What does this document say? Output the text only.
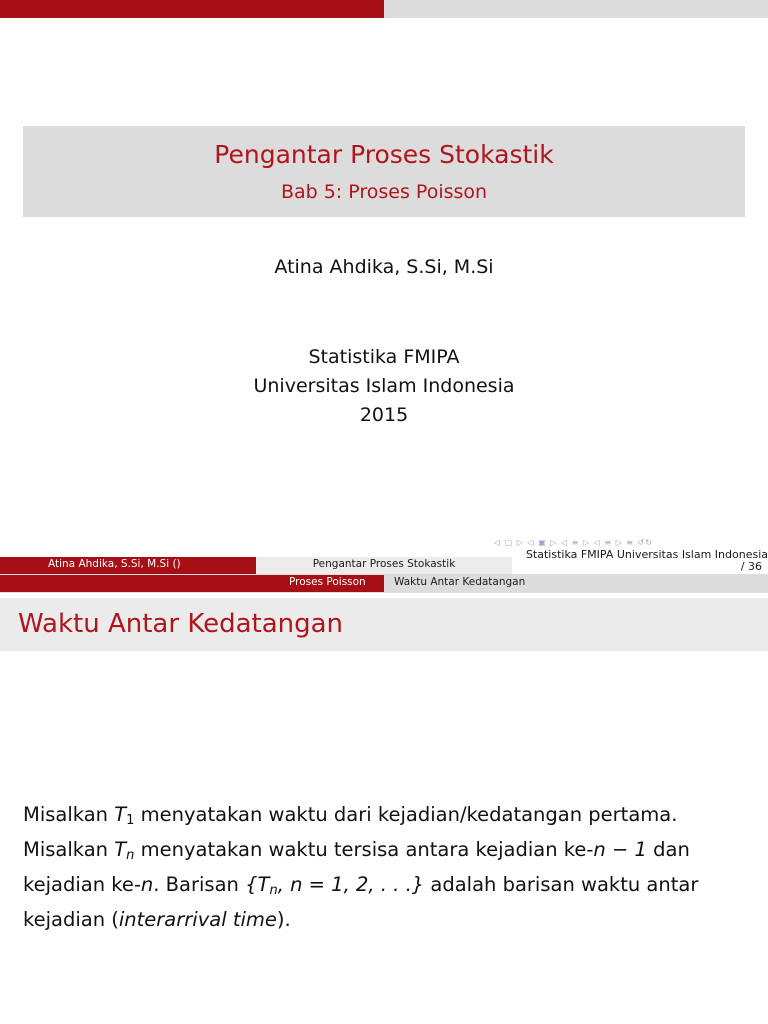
Pengantar Proses Stokastik
Bab 5: Proses Poisson
Atina Ahdika, S.Si, M.Si
Statistika FMIPA
Universitas Islam Indonesia
2015
◁ ▢ ▷ ◁ ▣ ▷ ◁ ≡ ▷ ◁ ≡ ▷ ≡ ↺↻
Atina Ahdika, S.Si, M.Si ()	Pengantar Proses Stokastik
Statistika FMIPA Universitas Islam Indonesia
/ 36
Proses Poisson	Waktu Antar Kedatangan
Waktu Antar Kedatangan
Misalkan $T_1$ menyatakan waktu dari kejadian/kedatangan pertama.
Misalkan $T_n$ menyatakan waktu tersisa antara kejadian ke-n − 1 dan
kejadian ke-n. Barisan {$T_n$, n = 1, 2, . . .} adalah barisan waktu antar
kejadian (interarrival time).
